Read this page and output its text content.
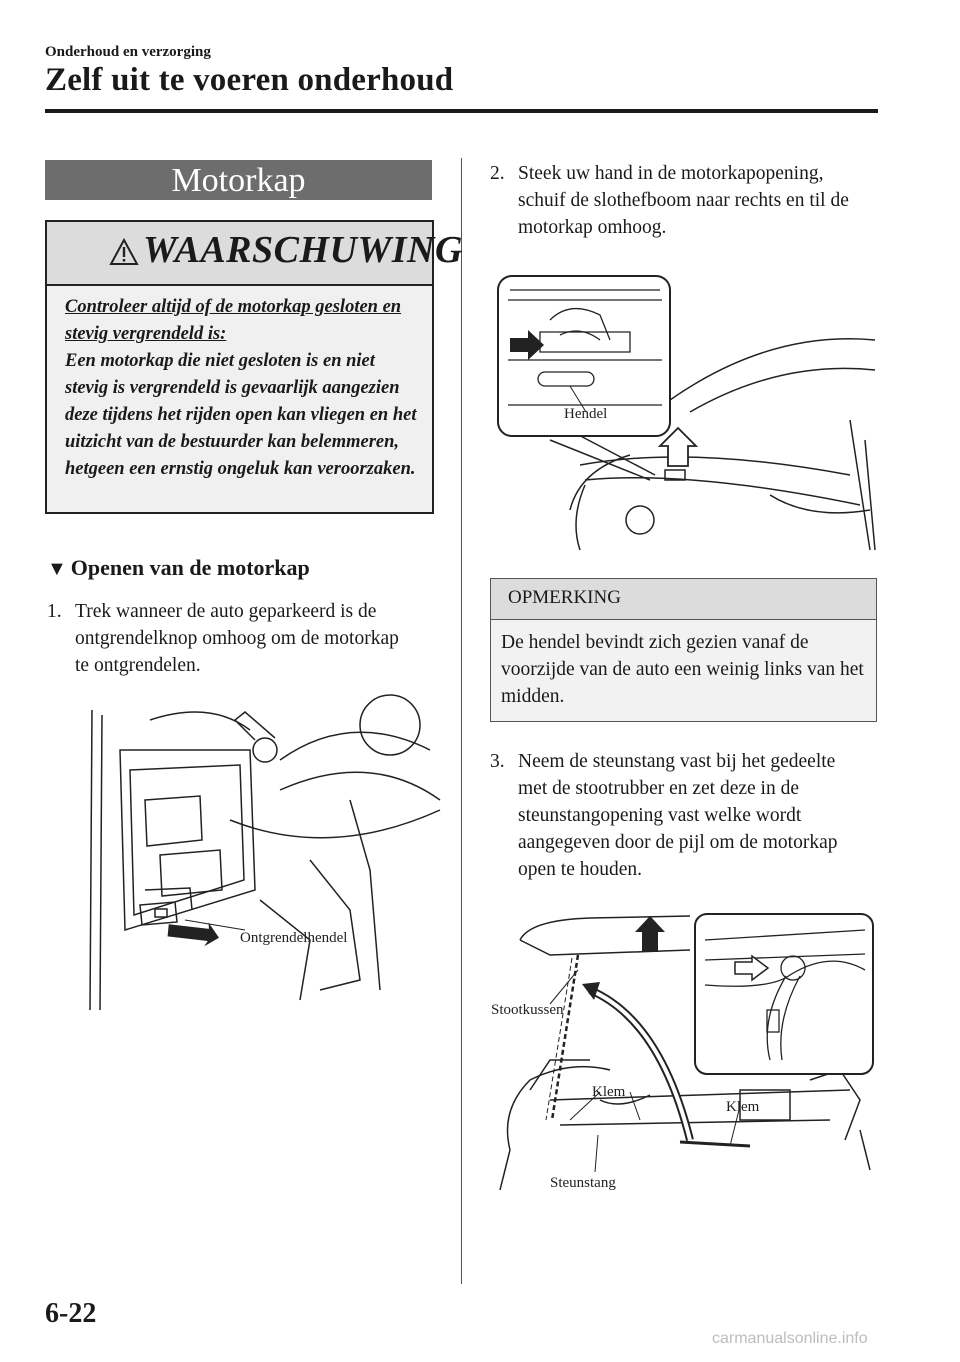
Onderhoud en verzorging
Zelf uit te voeren onderhoud
Motorkap
WAARSCHUWING
Controleer altijd of de motorkap gesloten en stevig vergrendeld is:
Een motorkap die niet gesloten is en niet stevig is vergrendeld is gevaarlijk aangezien deze tijdens het rijden open kan vliegen en het uitzicht van de bestuurder kan belemmeren, hetgeen een ernstig ongeluk kan veroorzaken.
▼ Openen van de motorkap
1. Trek wanneer de auto geparkeerd is de ontgrendelknop omhoog om de motorkap te ontgrendelen.
Ontgrendelhendel
2. Steek uw hand in de motorkapopening, schuif de slothefboom naar rechts en til de motorkap omhoog.
Hendel
OPMERKING
De hendel bevindt zich gezien vanaf de voorzijde van de auto een weinig links van het midden.
3. Neem de steunstang vast bij het gedeelte met de stootrubber en zet deze in de steunstangopening vast welke wordt aangegeven door de pijl om de motorkap open te houden.
Stootkussen
Klem
Klem
Steunstang
6-22
carmanualsonline.info
